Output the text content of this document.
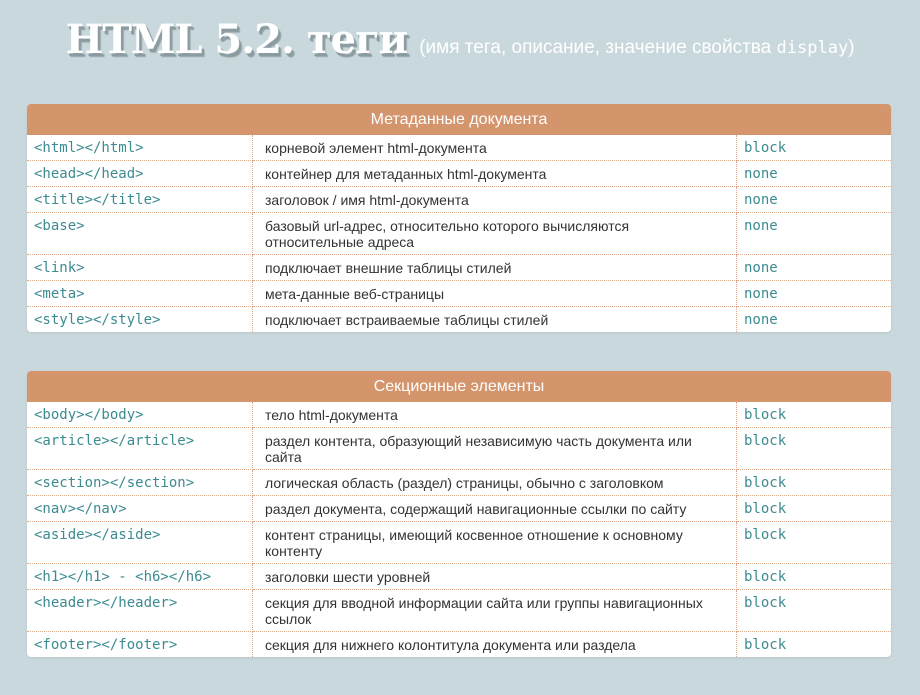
HTML 5.2. теги (имя тега, описание, значение свойства display)
Метаданные документа
<html></html>	корневой элемент html-документа	block
<head></head>	контейнер для метаданных html-документа	none
<title></title>	заголовок / имя html-документа	none
<base>	базовый url-адрес, относительно которого вычисляются относительные адреса	none
<link>	подключает внешние таблицы стилей	none
<meta>	мета-данные веб-страницы	none
<style></style>	подключает встраиваемые таблицы стилей	none
Секционные элементы
<body></body>	тело html-документа	block
<article></article>	раздел контента, образующий независимую часть документа или сайта	block
<section></section>	логическая область (раздел) страницы, обычно с заголовком	block
<nav></nav>	раздел документа, содержащий навигационные ссылки по сайту	block
<aside></aside>	контент страницы, имеющий косвенное отношение к основному контенту	block
<h1></h1> - <h6></h6>	заголовки шести уровней	block
<header></header>	секция для вводной информации сайта или группы навигационных ссылок	block
<footer></footer>	секция для нижнего колонтитула документа или раздела	block
